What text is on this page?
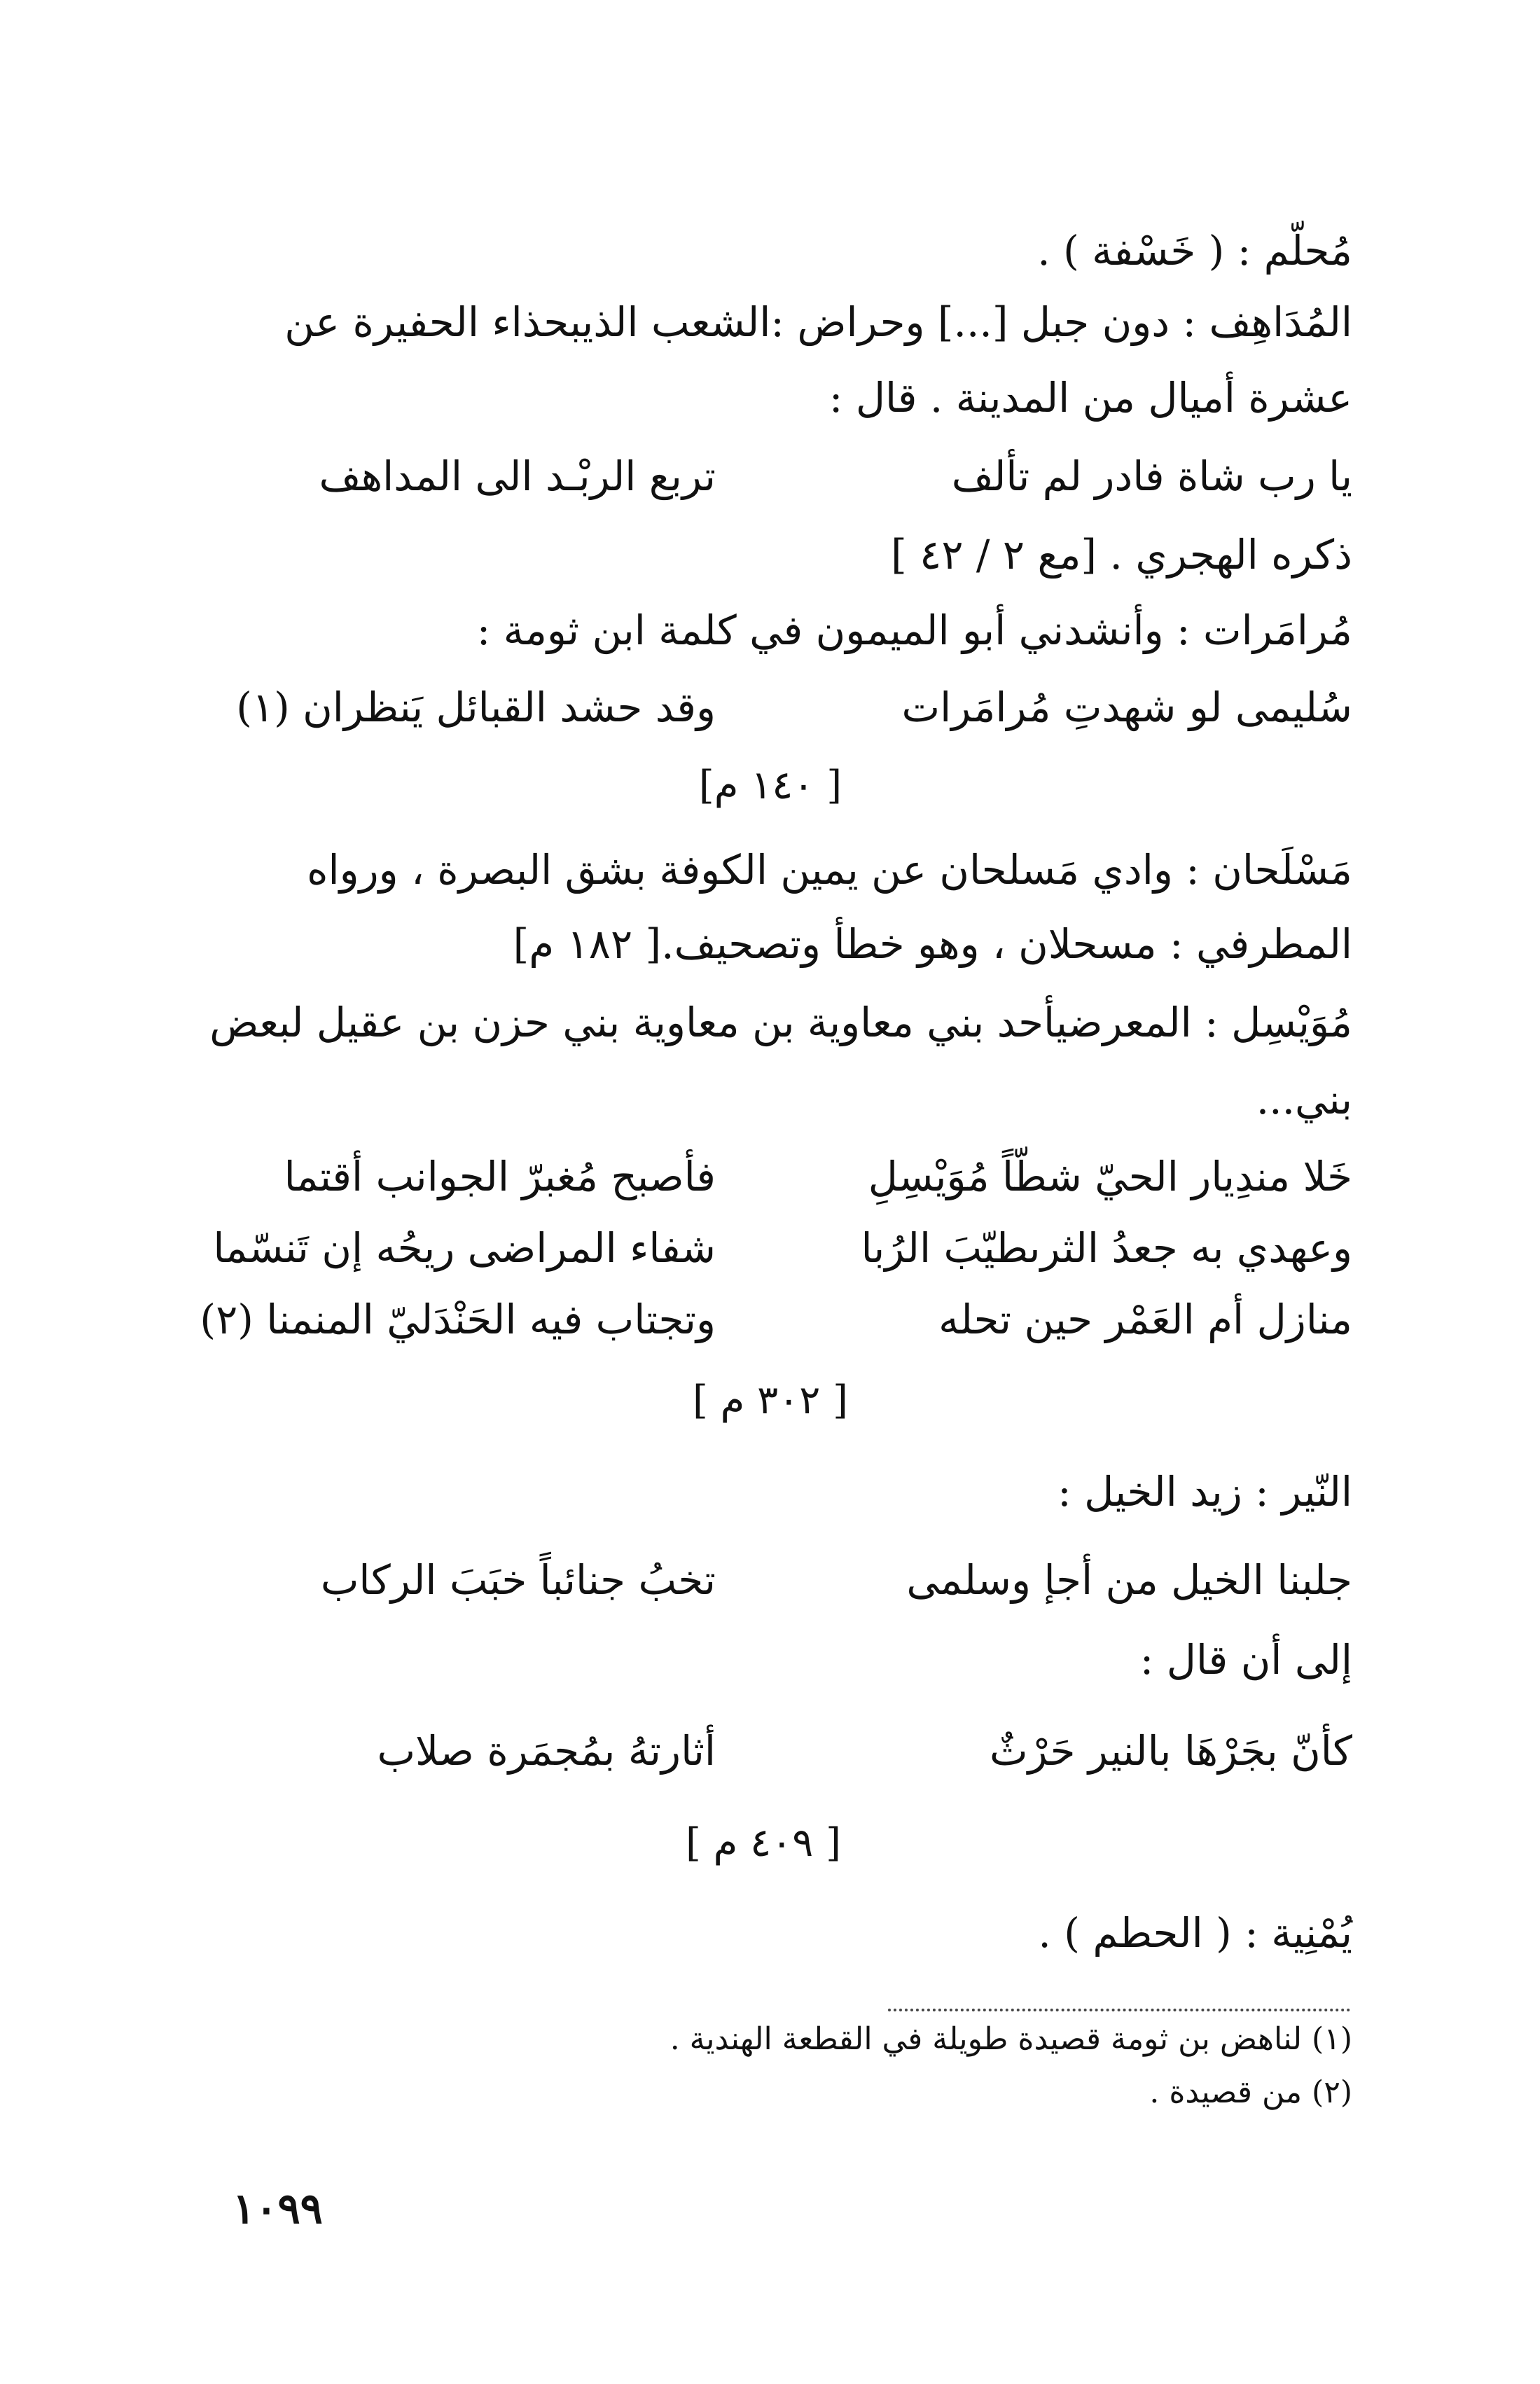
مُحلّم : ( خَسْفة ) .
المُدَاهِف : دون جبل [...] وحراض :الشعب الذيبحذاء الحفيرة عن
عشرة أميال من المدينة . قال :
يا رب شاة فادر لم تألف
تربع الربْـد الى المداهف
ذكره الهجري . [مع ٢ / ٤٢ ]
مُرامَرات : وأنشدني أبو الميمون في كلمة ابن ثومة :
سُليمى لو شهدتِ مُرامَرات
وقد حشد القبائل يَنظران (١)
[١٤٠ م ]
مَسْلَحان : وادي مَسلحان عن يمين الكوفة بشق البصرة ، ورواه
المطرفي : مسحلان ، وهو خطأ وتصحيف.[ ١٨٢ م]
مُوَيْسِل : المعرضيأحد بني معاوية بن معاوية بني حزن بن عقيل لبعض
بني...
خَلا مندِيار الحيّ شطّاً مُوَيْسِلِ
فأصبح مُغبرّ الجوانب أقتما
وعهدي به جعدُ الثرىطيّبَ الرُبا
شفاء المراضى ريحُه إن تَنسّما
منازل أم العَمْر حين تحله
وتجتاب فيه الحَنْدَليّ المنمنا (٢)
[ ٣٠٢ م ]
النّير : زيد الخيل :
جلبنا الخيل من أجإ وسلمى
تخبُ جنائباً خبَبَ الركاب
إلى أن قال :
كأنّ بجَرْهَا بالنير حَرْثٌ
أثارتهُ بمُجمَرة صلاب
[ ٤٠٩ م ]
يُمْنِية : ( الحطم ) .
(١) لناهض بن ثومة قصيدة طويلة في القطعة الهندية .
(٢) من قصيدة .
١٠٩٩
